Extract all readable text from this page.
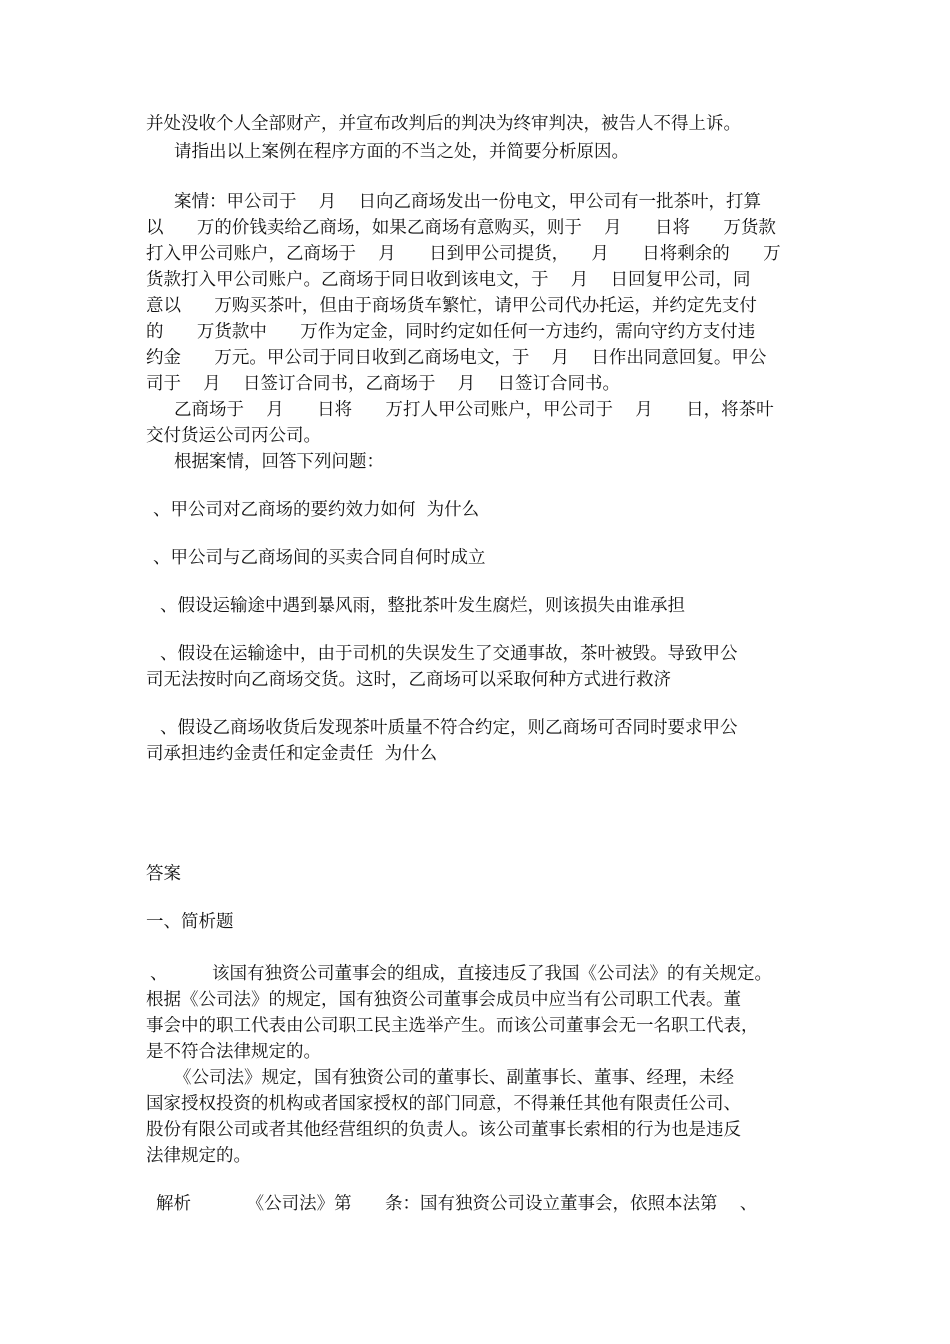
并处没收个人全部财产，并宣布改判后的判决为终审判决，被告人不得上诉。
请指出以上案例在程序方面的不当之处，并简要分析原因。
案情：甲公司于    月    日向乙商场发出一份电文，甲公司有一批茶叶，打算
以      万的价钱卖给乙商场，如果乙商场有意购买，则于    月      日将      万货款
打入甲公司账户，乙商场于    月      日到甲公司提货，    月      日将剩余的      万
货款打入甲公司账户。乙商场于同日收到该电文，于    月    日回复甲公司，同
意以      万购买茶叶，但由于商场货车繁忙，请甲公司代办托运，并约定先支付
的      万货款中      万作为定金，同时约定如任何一方违约，需向守约方支付违
约金      万元。甲公司于同日收到乙商场电文，于    月    日作出同意回复。甲公
司于    月    日签订合同书，乙商场于    月    日签订合同书。
乙商场于    月      日将      万打人甲公司账户，甲公司于    月      日，将茶叶
交付货运公司丙公司。
根据案情，回答下列问题：
、甲公司对乙商场的要约效力如何  为什么
、甲公司与乙商场间的买卖合同自何时成立
、假设运输途中遇到暴风雨，整批茶叶发生腐烂，则该损失由谁承担
、假设在运输途中，由于司机的失误发生了交通事故，茶叶被毁。导致甲公
司无法按时向乙商场交货。这时，乙商场可以采取何种方式进行救济
、假设乙商场收货后发现茶叶质量不符合约定，则乙商场可否同时要求甲公
司承担违约金责任和定金责任  为什么
答案
一、简析题
、        该国有独资公司董事会的组成，直接违反了我国《公司法》的有关规定。
根据《公司法》的规定，国有独资公司董事会成员中应当有公司职工代表。董
事会中的职工代表由公司职工民主选举产生。而该公司董事会无一名职工代表，
是不符合法律规定的。
《公司法》规定，国有独资公司的董事长、副董事长、董事、经理，未经
国家授权投资的机构或者国家授权的部门同意，不得兼任其他有限责任公司、
股份有限公司或者其他经营组织的负责人。该公司董事长索相的行为也是违反
法律规定的。
解析          《公司法》第      条：国有独资公司设立董事会，依照本法第    、
